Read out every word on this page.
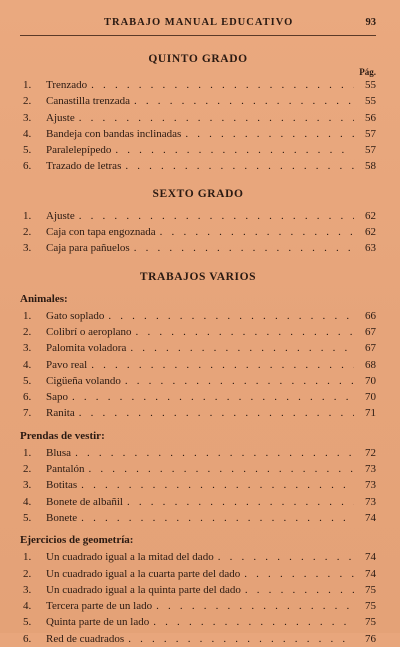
TRABAJO MANUAL EDUCATIVO	93
QUINTO GRADO
Pág.
1.	Trenzado . . .	55
2.	Canastilla trenzada . . .	55
3.	Ajuste . . .	56
4.	Bandeja con bandas inclinadas . . .	57
5.	Paralelepípedo . . .	57
6.	Trazado de letras . . .	58
SEXTO GRADO
1.	Ajuste . . .	62
2.	Caja con tapa engoznada . . .	62
3.	Caja para pañuelos . . .	63
TRABAJOS VARIOS
Animales:
1.	Gato soplado . . .	66
2.	Colibrí o aeroplano . . .	67
3.	Palomita voladora . . .	67
4.	Pavo real . . .	68
5.	Cigüeña volando . . .	70
6.	Sapo . . .	70
7.	Ranita . . .	71
Prendas de vestir:
1.	Blusa . . .	72
2.	Pantalón . . .	73
3.	Botitas . . .	73
4.	Bonete de albañil . . .	73
5.	Bonete . . .	74
Ejercicios de geometría:
1.	Un cuadrado igual a la mitad del dado . . .	74
2.	Un cuadrado igual a la cuarta parte del dado . . .	74
3.	Un cuadrado igual a la quinta parte del dado . . .	75
4.	Tercera parte de un lado . . .	75
5.	Quinta parte de un lado . . .	75
6.	Red de cuadrados . . .	76
